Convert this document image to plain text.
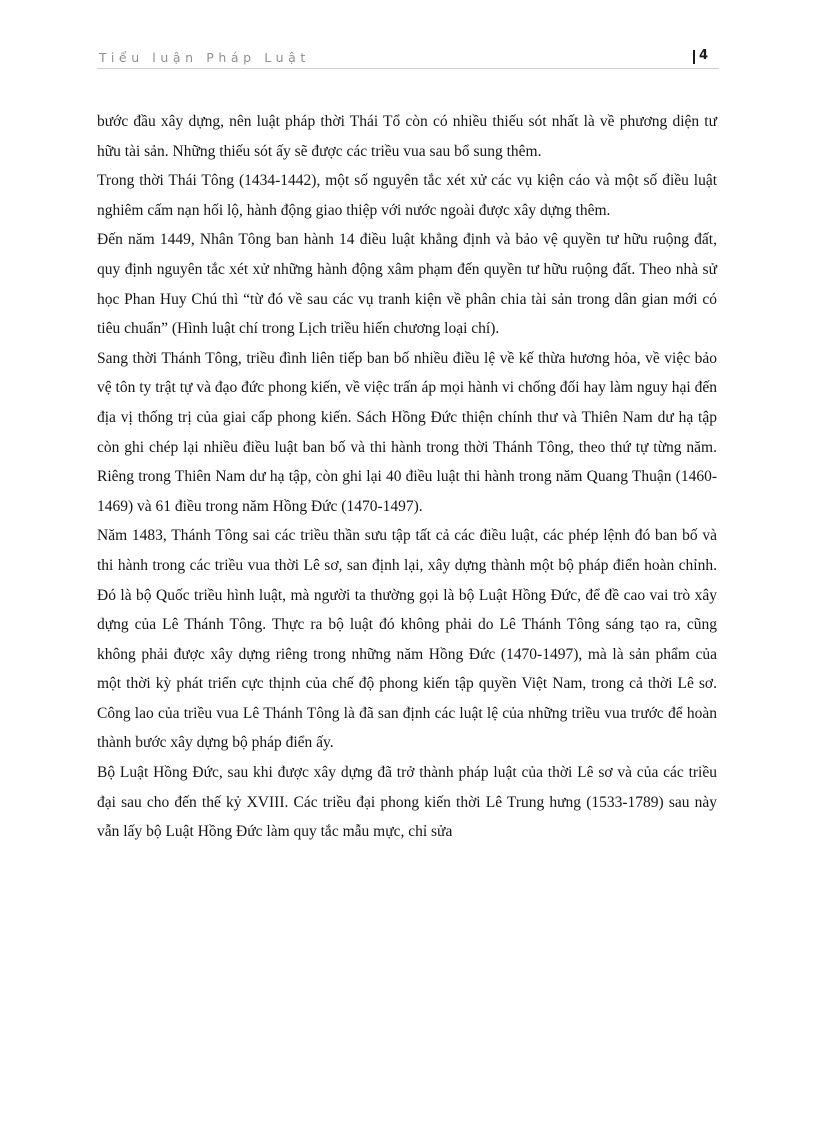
Tiểu luận Pháp Luật	4

bước đầu xây dựng, nên luật pháp thời Thái Tổ còn có nhiều thiếu sót nhất là về phương diện tư hữu tài sản. Những thiếu sót ấy sẽ được các triều vua sau bổ sung thêm.

Trong thời Thái Tông (1434-1442), một số nguyên tắc xét xử các vụ kiện cáo và một số điều luật nghiêm cấm nạn hối lộ, hành động giao thiệp với nước ngoài được xây dựng thêm.

Đến năm 1449, Nhân Tông ban hành 14 điều luật khẳng định và bảo vệ quyền tư hữu ruộng đất, quy định nguyên tắc xét xử những hành động xâm phạm đến quyền tư hữu ruộng đất. Theo nhà sử học Phan Huy Chú thì “từ đó về sau các vụ tranh kiện về phân chia tài sản trong dân gian mới có tiêu chuẩn” (Hình luật chí trong Lịch triều hiến chương loại chí).

Sang thời Thánh Tông, triều đình liên tiếp ban bố nhiều điều lệ về kế thừa hương hỏa, về việc bảo vệ tôn ty trật tự và đạo đức phong kiến, về việc trấn áp mọi hành vi chống đối hay làm nguy hại đến địa vị thống trị của giai cấp phong kiến. Sách Hồng Đức thiện chính thư và Thiên Nam dư hạ tập còn ghi chép lại nhiều điều luật ban bố và thi hành trong thời Thánh Tông, theo thứ tự từng năm. Riêng trong Thiên Nam dư hạ tập, còn ghi lại 40 điều luật thi hành trong năm Quang Thuận (1460-1469) và 61 điều trong năm Hồng Đức (1470-1497).

Năm 1483, Thánh Tông sai các triều thần sưu tập tất cả các điều luật, các phép lệnh đó ban bố và thi hành trong các triều vua thời Lê sơ, san định lại, xây dựng thành một bộ pháp điển hoàn chỉnh. Đó là bộ Quốc triều hình luật, mà người ta thường gọi là bộ Luật Hồng Đức, để đề cao vai trò xây dựng của Lê Thánh Tông. Thực ra bộ luật đó không phải do Lê Thánh Tông sáng tạo ra, cũng không phải được xây dựng riêng trong những năm Hồng Đức (1470-1497), mà là sản phẩm của một thời kỳ phát triển cực thịnh của chế độ phong kiến tập quyền Việt Nam, trong cả thời Lê sơ. Công lao của triều vua Lê Thánh Tông là đã san định các luật lệ của những triều vua trước để hoàn thành bước xây dựng bộ pháp điển ấy.

Bộ Luật Hồng Đức, sau khi được xây dựng đã trở thành pháp luật của thời Lê sơ và của các triều đại sau cho đến thế kỷ XVIII. Các triều đại phong kiến thời Lê Trung hưng (1533-1789) sau này vẫn lấy bộ Luật Hồng Đức làm quy tắc mẫu mực, chỉ sửa
